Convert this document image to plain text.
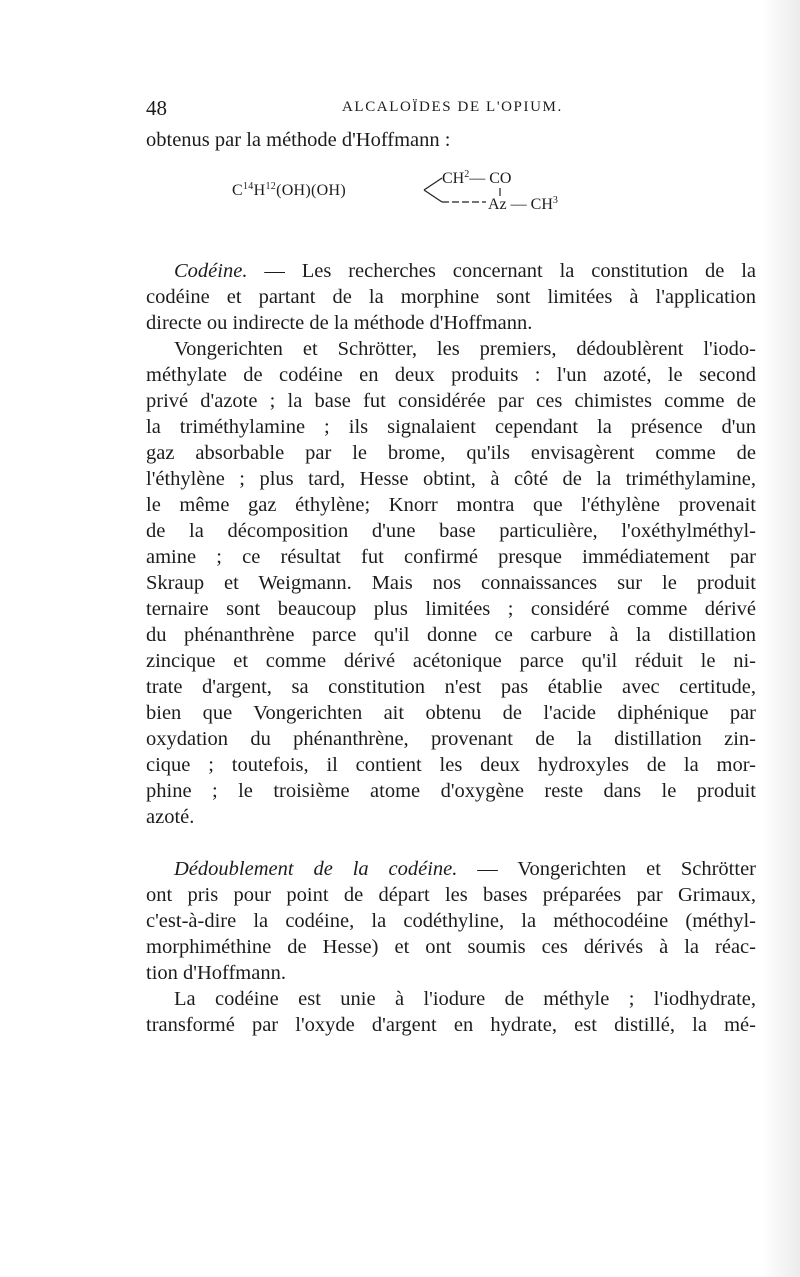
48	ALCALOÏDES DE L'OPIUM.
obtenus par la méthode d'Hoffmann :
$C^{14}H^{12}(OH)(OH)$
$CH^2—$ CO
Az — $CH^3$
Codéine. — Les recherches concernant la constitution de la
codéine et partant de la morphine sont limitées à l'application
directe ou indirecte de la méthode d'Hoffmann.
Vongerichten et Schrötter, les premiers, dédoublèrent l'iodo-
méthylate de codéine en deux produits : l'un azoté, le second
privé d'azote ; la base fut considérée par ces chimistes comme de
la triméthylamine ; ils signalaient cependant la présence d'un
gaz absorbable par le brome, qu'ils envisagèrent comme de
l'éthylène ; plus tard, Hesse obtint, à côté de la triméthylamine,
le même gaz éthylène; Knorr montra que l'éthylène provenait
de la décomposition d'une base particulière, l'oxéthylméthyl-
amine ; ce résultat fut confirmé presque immédiatement par
Skraup et Weigmann. Mais nos connaissances sur le produit
ternaire sont beaucoup plus limitées ; considéré comme dérivé
du phénanthrène parce qu'il donne ce carbure à la distillation
zincique et comme dérivé acétonique parce qu'il réduit le ni-
trate d'argent, sa constitution n'est pas établie avec certitude,
bien que Vongerichten ait obtenu de l'acide diphénique par
oxydation du phénanthrène, provenant de la distillation zin-
cique ; toutefois, il contient les deux hydroxyles de la mor-
phine ; le troisième atome d'oxygène reste dans le produit
azoté.
Dédoublement de la codéine. — Vongerichten et Schrötter
ont pris pour point de départ les bases préparées par Grimaux,
c'est-à-dire la codéine, la codéthyline, la méthocodéine (méthyl-
morphiméthine de Hesse) et ont soumis ces dérivés à la réac-
tion d'Hoffmann.
La codéine est unie à l'iodure de méthyle ; l'iodhydrate,
transformé par l'oxyde d'argent en hydrate, est distillé, la mé-
